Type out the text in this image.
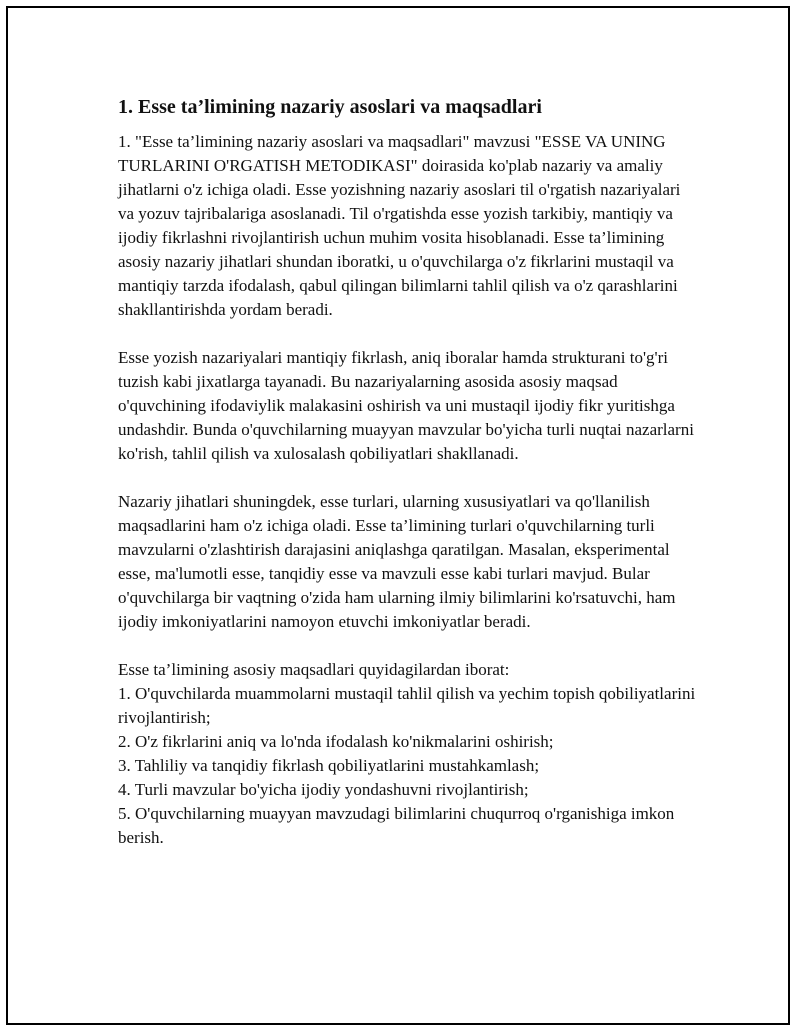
1. Esse ta’limining nazariy asoslari va maqsadlari

1. "Esse ta’limining nazariy asoslari va maqsadlari" mavzusi "ESSE VA UNING TURLARINI O'RGATISH METODIKASI" doirasida ko'plab nazariy va amaliy jihatlarni o'z ichiga oladi. Esse yozishning nazariy asoslari til o'rgatish nazariyalari va yozuv tajribalariga asoslanadi. Til o'rgatishda esse yozish tarkibiy, mantiqiy va ijodiy fikrlashni rivojlantirish uchun muhim vosita hisoblanadi. Esse ta’limining asosiy nazariy jihatlari shundan iboratki, u o'quvchilarga o'z fikrlarini mustaqil va mantiqiy tarzda ifodalash, qabul qilingan bilimlarni tahlil qilish va o'z qarashlarini shakllantirishda yordam beradi.

Esse yozish nazariyalari mantiqiy fikrlash, aniq iboralar hamda strukturani to'g'ri tuzish kabi jixatlarga tayanadi. Bu nazariyalarning asosida asosiy maqsad o'quvchining ifodaviylik malakasini oshirish va uni mustaqil ijodiy fikr yuritishga undashdir. Bunda o'quvchilarning muayyan mavzular bo'yicha turli nuqtai nazarlarni ko'rish, tahlil qilish va xulosalash qobiliyatlari shakllanadi.

Nazariy jihatlari shuningdek, esse turlari, ularning xususiyatlari va qo'llanilish maqsadlarini ham o'z ichiga oladi. Esse ta’limining turlari o'quvchilarning turli mavzularni o'zlashtirish darajasini aniqlashga qaratilgan. Masalan, eksperimental esse, ma'lumotli esse, tanqidiy esse va mavzuli esse kabi turlari mavjud. Bular o'quvchilarga bir vaqtning o'zida ham ularning ilmiy bilimlarini ko'rsatuvchi, ham ijodiy imkoniyatlarini namoyon etuvchi imkoniyatlar beradi.

Esse ta’limining asosiy maqsadlari quyidagilardan iborat:

1. O'quvchilarda muammolarni mustaqil tahlil qilish va yechim topish qobiliyatlarini rivojlantirish;
2. O'z fikrlarini aniq va lo'nda ifodalash ko'nikmalarini oshirish;
3. Tahliliy va tanqidiy fikrlash qobiliyatlarini mustahkamlash;
4. Turli mavzular bo'yicha ijodiy yondashuvni rivojlantirish;
5. O'quvchilarning muayyan mavzudagi bilimlarini chuqurroq o'rganishiga imkon berish.
